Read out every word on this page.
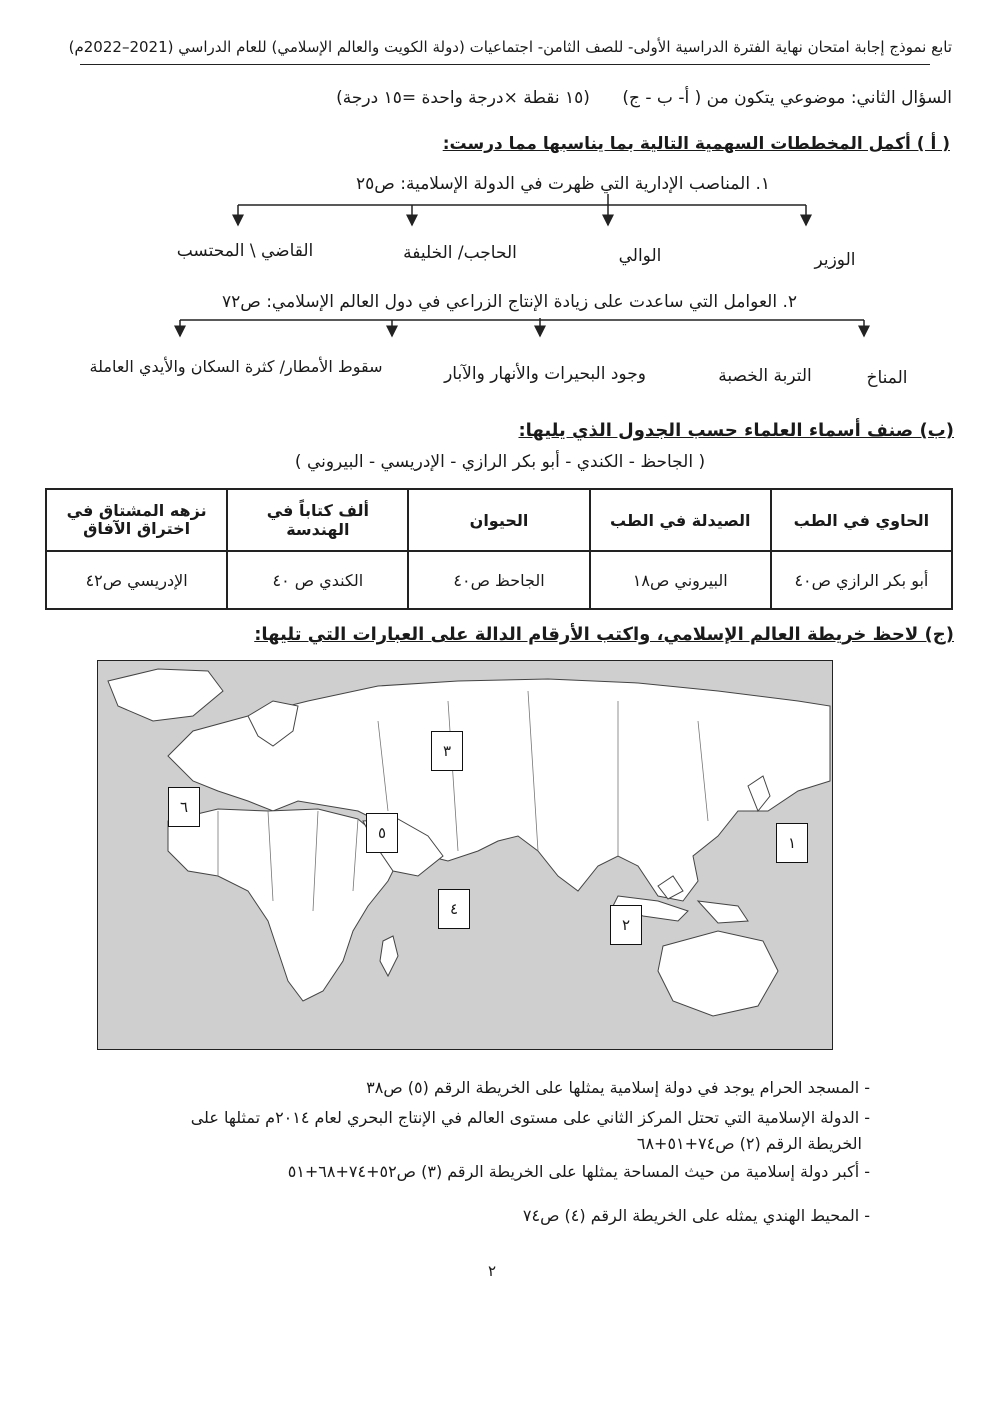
تابع نموذج إجابة امتحان نهاية الفترة الدراسية الأولى- للصف الثامن- اجتماعيات (دولة الكويت والعالم الإسلامي) للعام الدراسي (2021–2022م)
السؤال الثاني: موضوعي يتكون من ( أ- ب - ج)      (١٥ نقطة ×درجة واحدة =١٥ درجة)
( أ ) أكمل المخططات السهمية التالية بما يناسبها مما درست:
١. المناصب الإدارية التي ظهرت في الدولة الإسلامية: ص٢٥
الوزير
الوالي
الحاجب/ الخليفة
القاضي \ المحتسب
٢. العوامل التي ساعدت على زيادة الإنتاج الزراعي في دول العالم الإسلامي: ص٧٢
المناخ
التربة الخصبة
وجود البحيرات والأنهار والآبار
سقوط الأمطار/ كثرة السكان والأيدي العاملة
(ب) صنف أسماء العلماء حسب الجدول الذي يليها:
( الجاحظ - الكندي - أبو بكر الرازي - الإدريسي - البيروني )
الحاوي في الطب	الصيدلة في الطب	الحيوان	ألف كتاباً في الهندسة	نزهه المشتاق في اختراق الآفاق
أبو بكر الرازي ص٤٠	البيروني ص١٨	الجاحظ ص٤٠	الكندي ص ٤٠	الإدريسي ص٤٢
(ج) لاحظ خريطة العالم الإسلامي، واكتب الأرقام الدالة على العبارات التي تليها:
١
٢
٣
٤
٥
٦
- المسجد الحرام يوجد في دولة إسلامية يمثلها على الخريطة الرقم (٥) ص٣٨
- الدولة الإسلامية التي تحتل المركز الثاني على مستوى العالم في الإنتاج البحري لعام ٢٠١٤م تمثلها على
الخريطة الرقم (٢) ص٧٤+٥١+٦٨
- أكبر دولة إسلامية من حيث المساحة يمثلها على الخريطة الرقم (٣) ص٥٢+٧٤+٦٨+٥١
- المحيط الهندي يمثله على الخريطة الرقم (٤) ص٧٤
٢
